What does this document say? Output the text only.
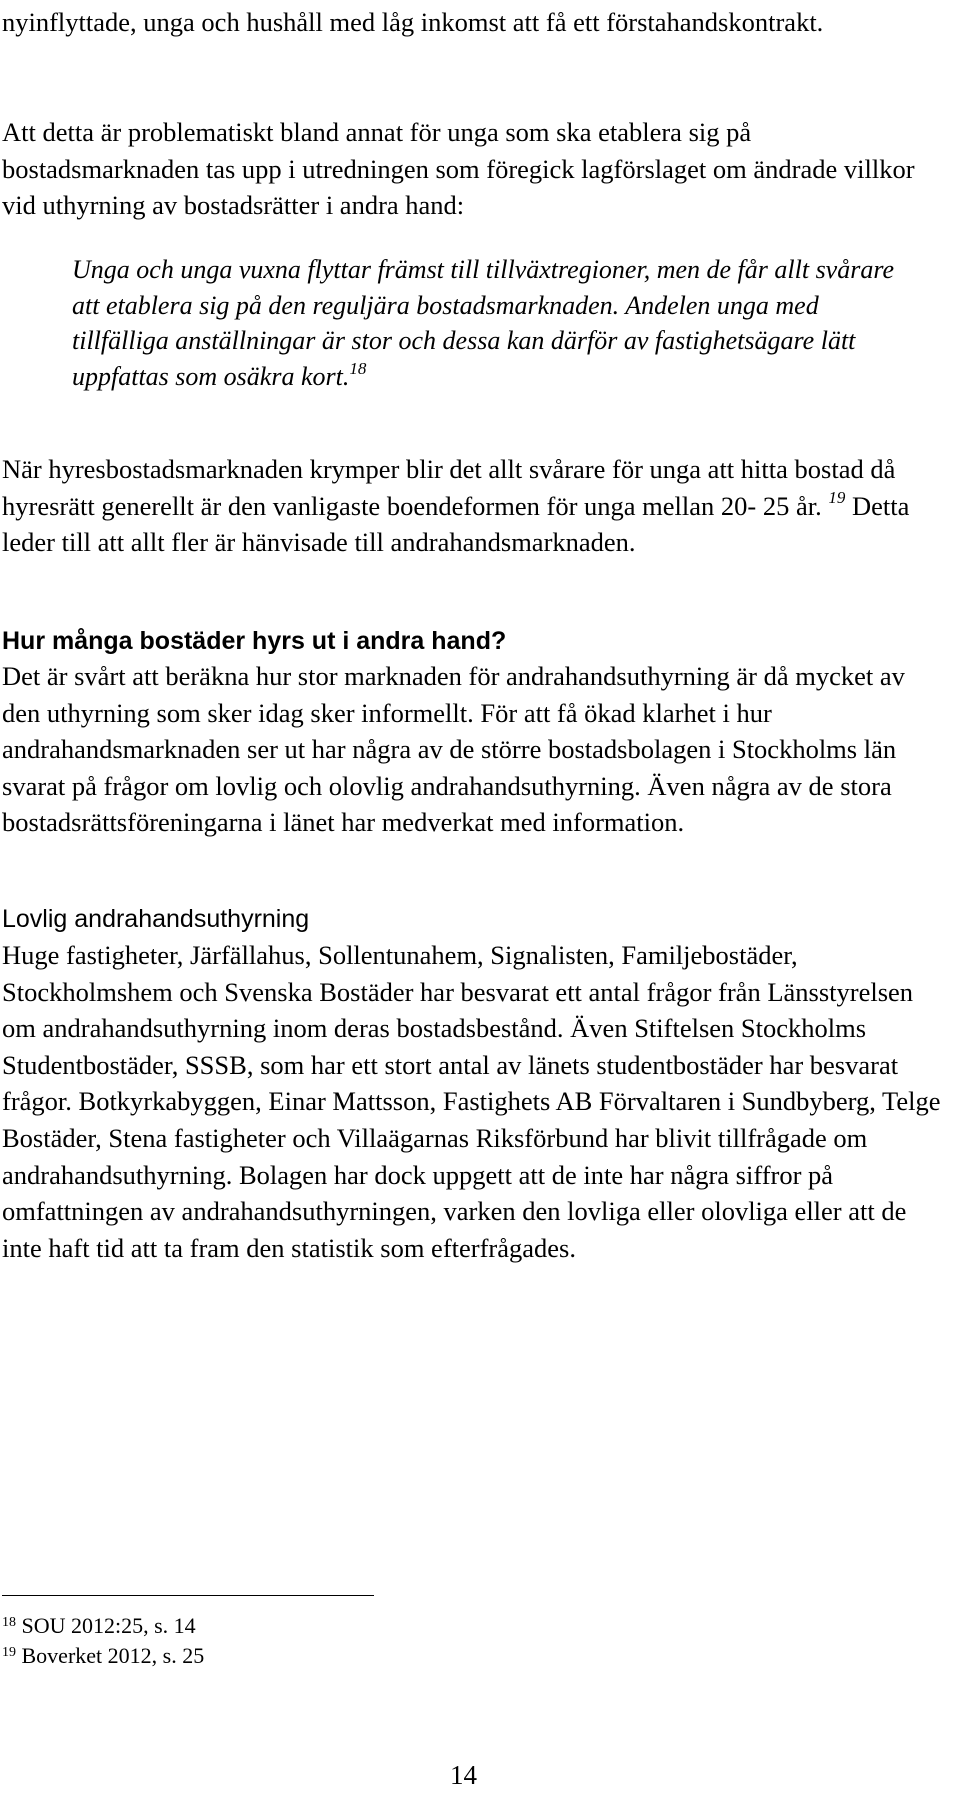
nyinflyttade, unga och hushåll med låg inkomst att få ett förstahandskontrakt.

Att detta är problematiskt bland annat för unga som ska etablera sig på bostadsmarknaden tas upp i utredningen som föregick lagförslaget om ändrade villkor vid uthyrning av bostadsrätter i andra hand:

Unga och unga vuxna flyttar främst till tillväxtregioner, men de får allt svårare att etablera sig på den reguljära bostadsmarknaden. Andelen unga med tillfälliga anställningar är stor och dessa kan därför av fastighetsägare lätt uppfattas som osäkra kort.$^{18}$

När hyresbostadsmarknaden krymper blir det allt svårare för unga att hitta bostad då hyresrätt generellt är den vanligaste boendeformen för unga mellan 20- 25 år. $^{19}$ Detta leder till att allt fler är hänvisade till andrahandsmarknaden.

Hur många bostäder hyrs ut i andra hand?

Det är svårt att beräkna hur stor marknaden för andrahandsuthyrning är då mycket av den uthyrning som sker idag sker informellt. För att få ökad klarhet i hur andrahandsmarknaden ser ut har några av de större bostadsbolagen i Stockholms län svarat på frågor om lovlig och olovlig andrahandsuthyrning. Även några av de stora bostadsrättsföreningarna i länet har medverkat med information.

Lovlig andrahandsuthyrning

Huge fastigheter, Järfällahus, Sollentunahem, Signalisten, Familjebostäder, Stockholmshem och Svenska Bostäder har besvarat ett antal frågor från Länsstyrelsen om andrahandsuthyrning inom deras bostadsbestånd. Även Stiftelsen Stockholms Studentbostäder, SSSB, som har ett stort antal av länets studentbostäder har besvarat frågor. Botkyrkabyggen, Einar Mattsson, Fastighets AB Förvaltaren i Sundbyberg, Telge Bostäder, Stena fastigheter och Villaägarnas Riksförbund har blivit tillfrågade om andrahandsuthyrning. Bolagen har dock uppgett att de inte har några siffror på omfattningen av andrahandsuthyrningen, varken den lovliga eller olovliga eller att de inte haft tid att ta fram den statistik som efterfrågades.

$^{18}$ SOU 2012:25, s. 14
$^{19}$ Boverket 2012, s. 25
14
